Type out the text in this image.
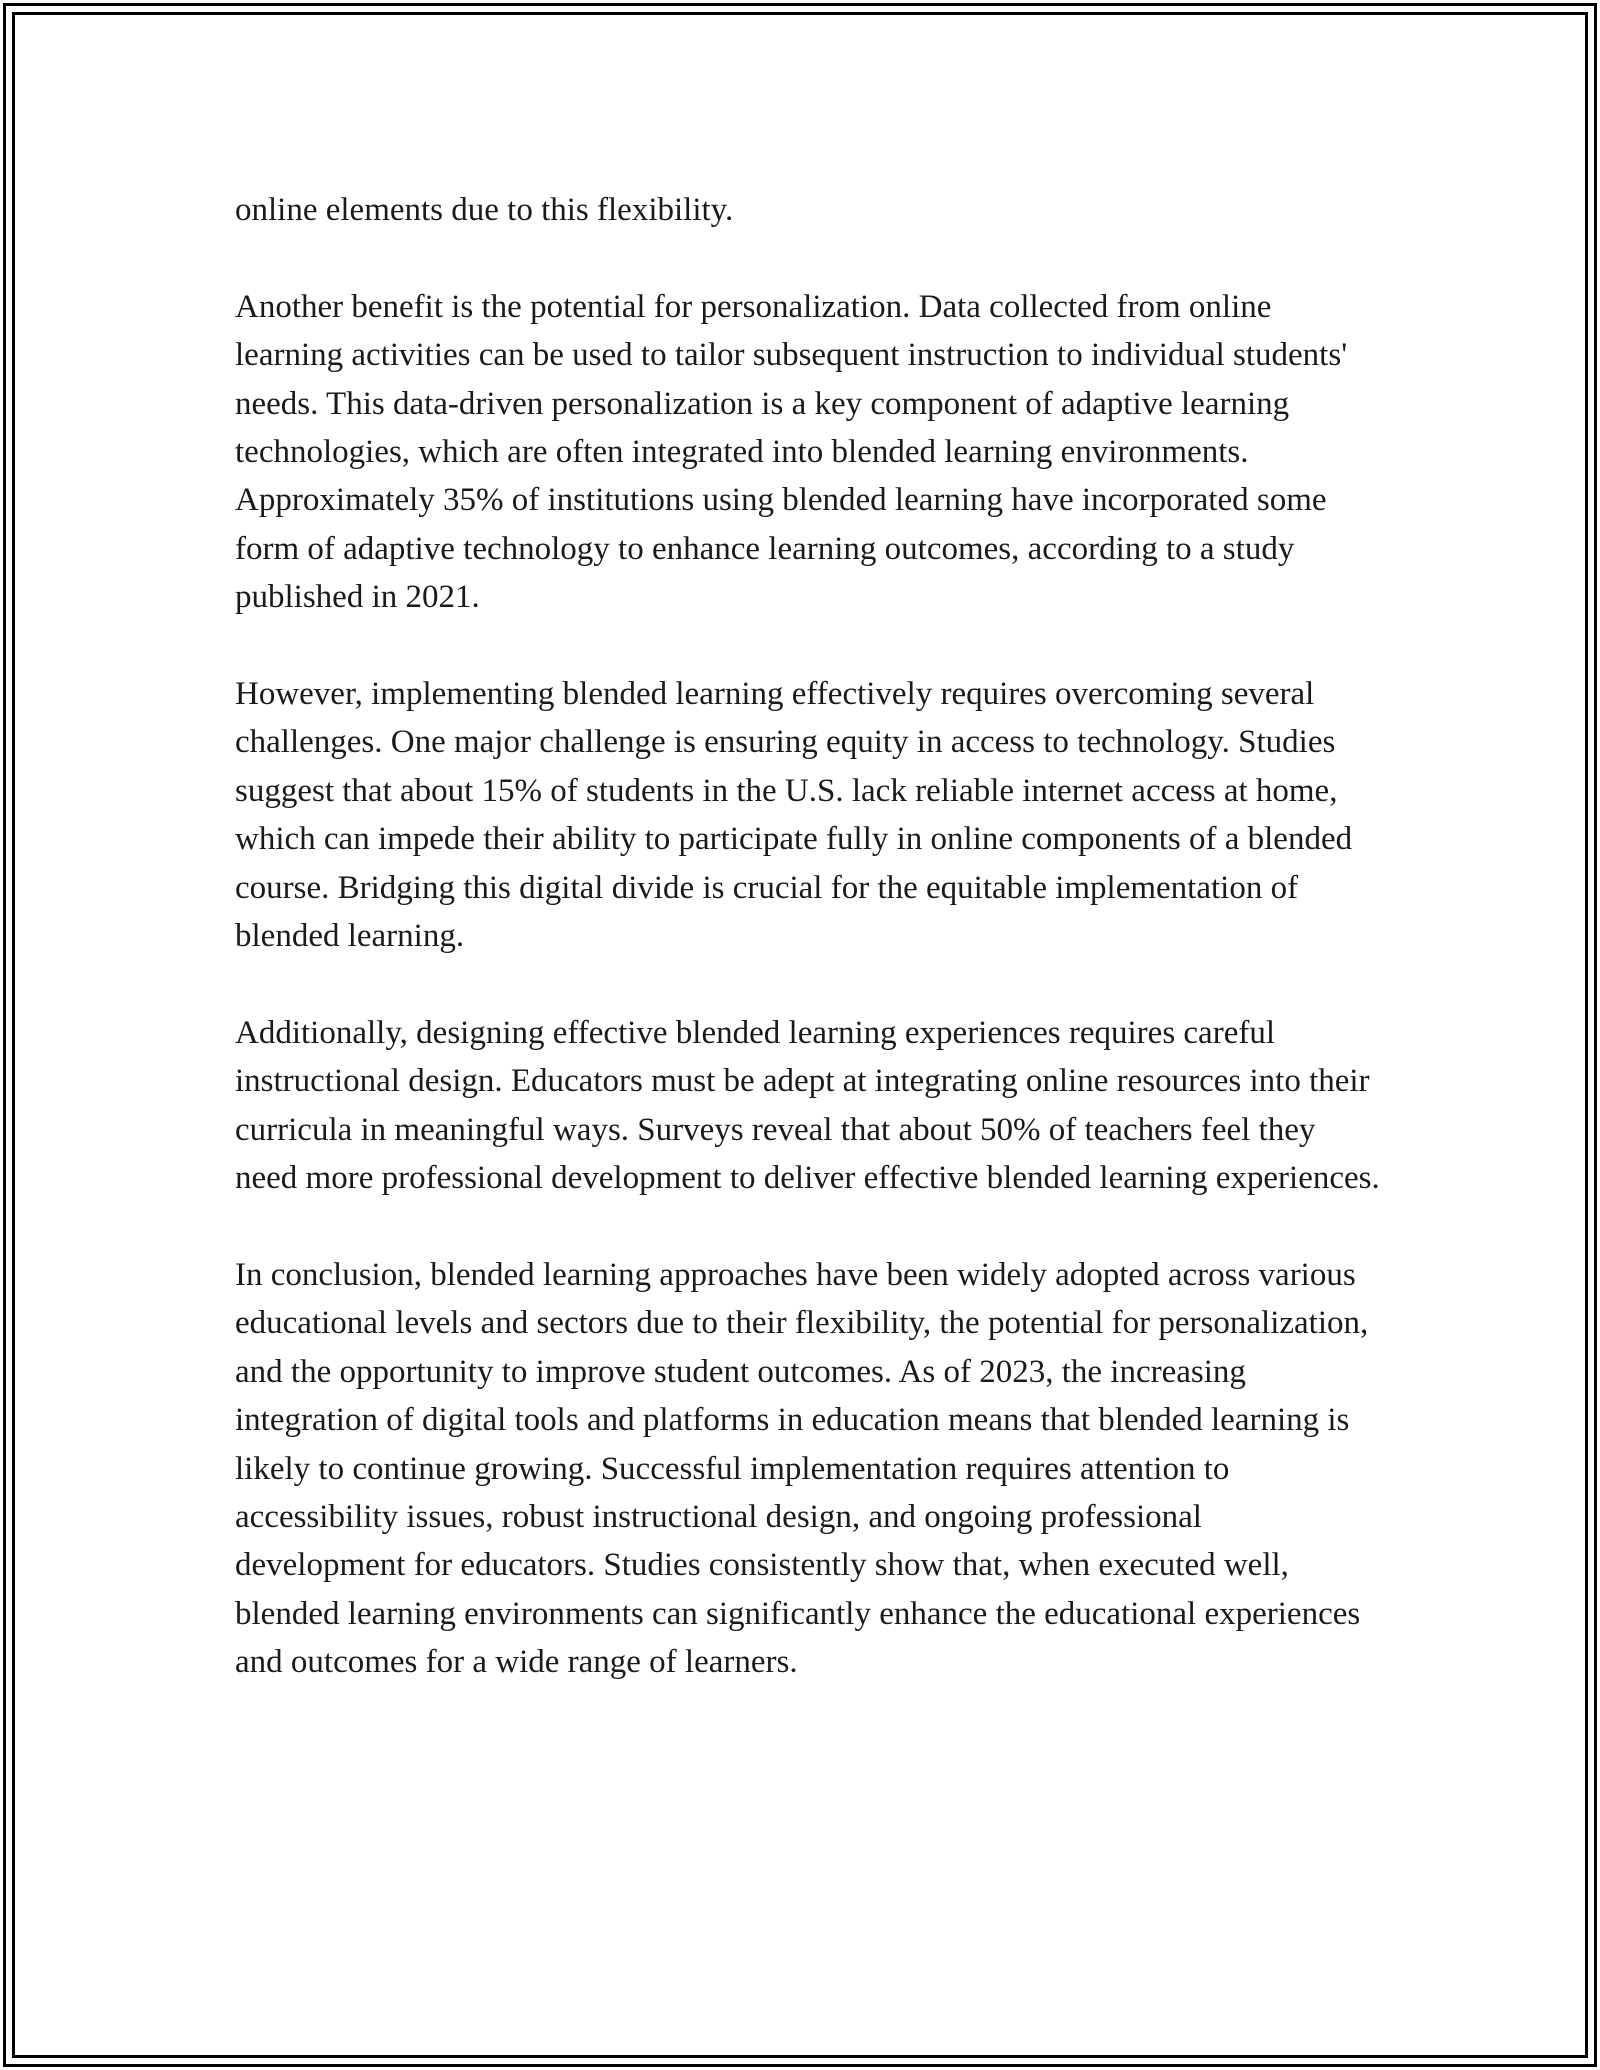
online elements due to this flexibility.

Another benefit is the potential for personalization. Data collected from online learning activities can be used to tailor subsequent instruction to individual students' needs. This data-driven personalization is a key component of adaptive learning technologies, which are often integrated into blended learning environments. Approximately 35% of institutions using blended learning have incorporated some form of adaptive technology to enhance learning outcomes, according to a study published in 2021.

However, implementing blended learning effectively requires overcoming several challenges. One major challenge is ensuring equity in access to technology. Studies suggest that about 15% of students in the U.S. lack reliable internet access at home, which can impede their ability to participate fully in online components of a blended course. Bridging this digital divide is crucial for the equitable implementation of blended learning.

Additionally, designing effective blended learning experiences requires careful instructional design. Educators must be adept at integrating online resources into their curricula in meaningful ways. Surveys reveal that about 50% of teachers feel they need more professional development to deliver effective blended learning experiences.

In conclusion, blended learning approaches have been widely adopted across various educational levels and sectors due to their flexibility, the potential for personalization, and the opportunity to improve student outcomes. As of 2023, the increasing integration of digital tools and platforms in education means that blended learning is likely to continue growing. Successful implementation requires attention to accessibility issues, robust instructional design, and ongoing professional development for educators. Studies consistently show that, when executed well, blended learning environments can significantly enhance the educational experiences and outcomes for a wide range of learners.
